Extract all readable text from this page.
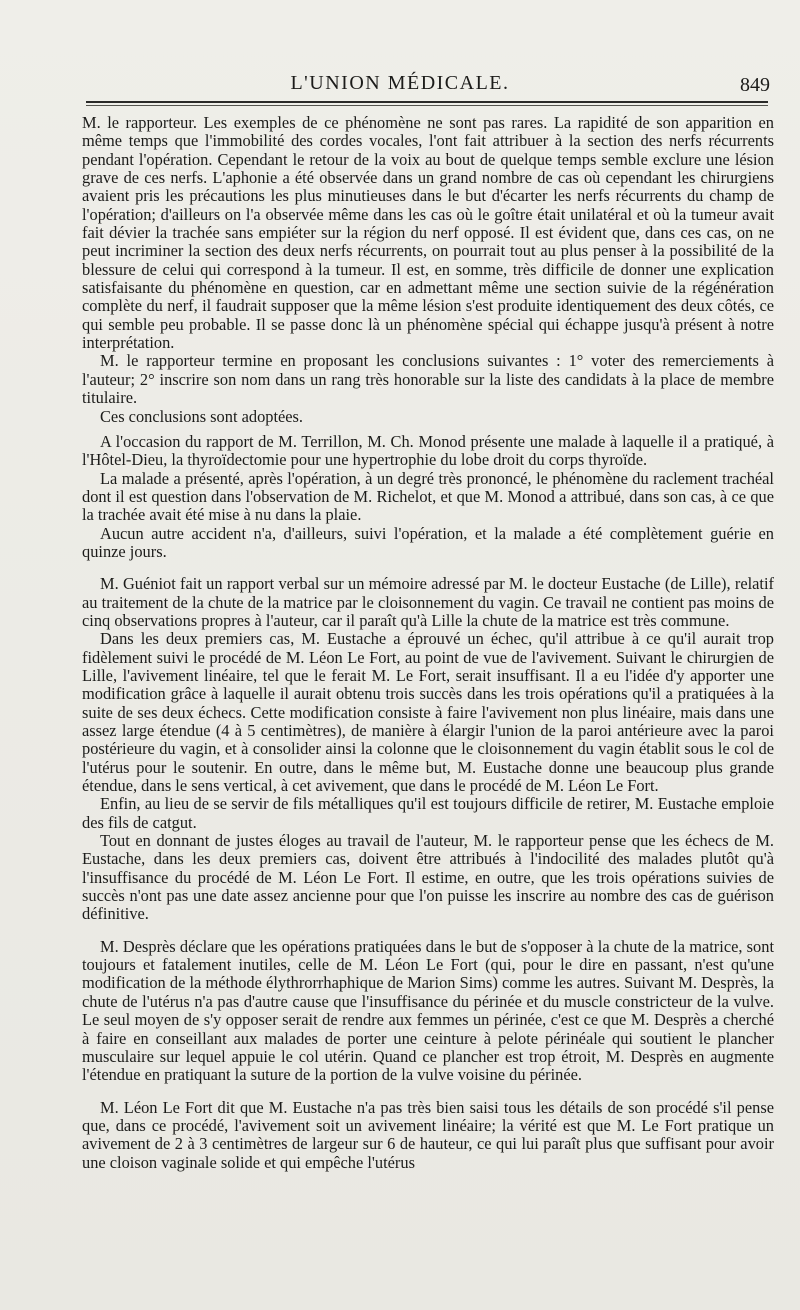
L'UNION MÉDICALE.	849

M. le rapporteur. Les exemples de ce phénomène ne sont pas rares. La rapidité de son apparition en même temps que l'immobilité des cordes vocales, l'ont fait attribuer à la section des nerfs récurrents pendant l'opération. Cependant le retour de la voix au bout de quelque temps semble exclure une lésion grave de ces nerfs. L'aphonie a été observée dans un grand nombre de cas où cependant les chirurgiens avaient pris les précautions les plus minutieuses dans le but d'écarter les nerfs récurrents du champ de l'opération; d'ailleurs on l'a observée même dans les cas où le goître était unilatéral et où la tumeur avait fait dévier la trachée sans empiéter sur la région du nerf opposé. Il est évident que, dans ces cas, on ne peut incriminer la section des deux nerfs récurrents, on pourrait tout au plus penser à la possibilité de la blessure de celui qui correspond à la tumeur. Il est, en somme, très difficile de donner une explication satisfaisante du phénomène en question, car en admettant même une section suivie de la régénération complète du nerf, il faudrait supposer que la même lésion s'est produite identiquement des deux côtés, ce qui semble peu probable. Il se passe donc là un phénomène spécial qui échappe jusqu'à présent à notre interprétation.

M. le rapporteur termine en proposant les conclusions suivantes : 1° voter des remerciements à l'auteur; 2° inscrire son nom dans un rang très honorable sur la liste des candidats à la place de membre titulaire.

Ces conclusions sont adoptées.

A l'occasion du rapport de M. Terrillon, M. Ch. Monod présente une malade à laquelle il a pratiqué, à l'Hôtel-Dieu, la thyroïdectomie pour une hypertrophie du lobe droit du corps thyroïde.

La malade a présenté, après l'opération, à un degré très prononcé, le phénomène du raclement trachéal dont il est question dans l'observation de M. Richelot, et que M. Monod a attribué, dans son cas, à ce que la trachée avait été mise à nu dans la plaie.

Aucun autre accident n'a, d'ailleurs, suivi l'opération, et la malade a été complètement guérie en quinze jours.

M. Guéniot fait un rapport verbal sur un mémoire adressé par M. le docteur Eustache (de Lille), relatif au traitement de la chute de la matrice par le cloisonnement du vagin. Ce travail ne contient pas moins de cinq observations propres à l'auteur, car il paraît qu'à Lille la chute de la matrice est très commune.

Dans les deux premiers cas, M. Eustache a éprouvé un échec, qu'il attribue à ce qu'il aurait trop fidèlement suivi le procédé de M. Léon Le Fort, au point de vue de l'avivement. Suivant le chirurgien de Lille, l'avivement linéaire, tel que le ferait M. Le Fort, serait insuffisant. Il a eu l'idée d'y apporter une modification grâce à laquelle il aurait obtenu trois succès dans les trois opérations qu'il a pratiquées à la suite de ses deux échecs. Cette modification consiste à faire l'avivement non plus linéaire, mais dans une assez large étendue (4 à 5 centimètres), de manière à élargir l'union de la paroi antérieure avec la paroi postérieure du vagin, et à consolider ainsi la colonne que le cloisonnement du vagin établit sous le col de l'utérus pour le soutenir. En outre, dans le même but, M. Eustache donne une beaucoup plus grande étendue, dans le sens vertical, à cet avivement, que dans le procédé de M. Léon Le Fort.

Enfin, au lieu de se servir de fils métalliques qu'il est toujours difficile de retirer, M. Eustache emploie des fils de catgut.

Tout en donnant de justes éloges au travail de l'auteur, M. le rapporteur pense que les échecs de M. Eustache, dans les deux premiers cas, doivent être attribués à l'indocilité des malades plutôt qu'à l'insuffisance du procédé de M. Léon Le Fort. Il estime, en outre, que les trois opérations suivies de succès n'ont pas une date assez ancienne pour que l'on puisse les inscrire au nombre des cas de guérison définitive.

M. Desprès déclare que les opérations pratiquées dans le but de s'opposer à la chute de la matrice, sont toujours et fatalement inutiles, celle de M. Léon Le Fort (qui, pour le dire en passant, n'est qu'une modification de la méthode élythrorrhaphique de Marion Sims) comme les autres. Suivant M. Desprès, la chute de l'utérus n'a pas d'autre cause que l'insuffisance du périnée et du muscle constricteur de la vulve. Le seul moyen de s'y opposer serait de rendre aux femmes un périnée, c'est ce que M. Desprès a cherché à faire en conseillant aux malades de porter une ceinture à pelote périnéale qui soutient le plancher musculaire sur lequel appuie le col utérin. Quand ce plancher est trop étroit, M. Desprès en augmente l'étendue en pratiquant la suture de la portion de la vulve voisine du périnée.

M. Léon Le Fort dit que M. Eustache n'a pas très bien saisi tous les détails de son procédé s'il pense que, dans ce procédé, l'avivement soit un avivement linéaire; la vérité est que M. Le Fort pratique un avivement de 2 à 3 centimètres de largeur sur 6 de hauteur, ce qui lui paraît plus que suffisant pour avoir une cloison vaginale solide et qui empêche l'utérus
